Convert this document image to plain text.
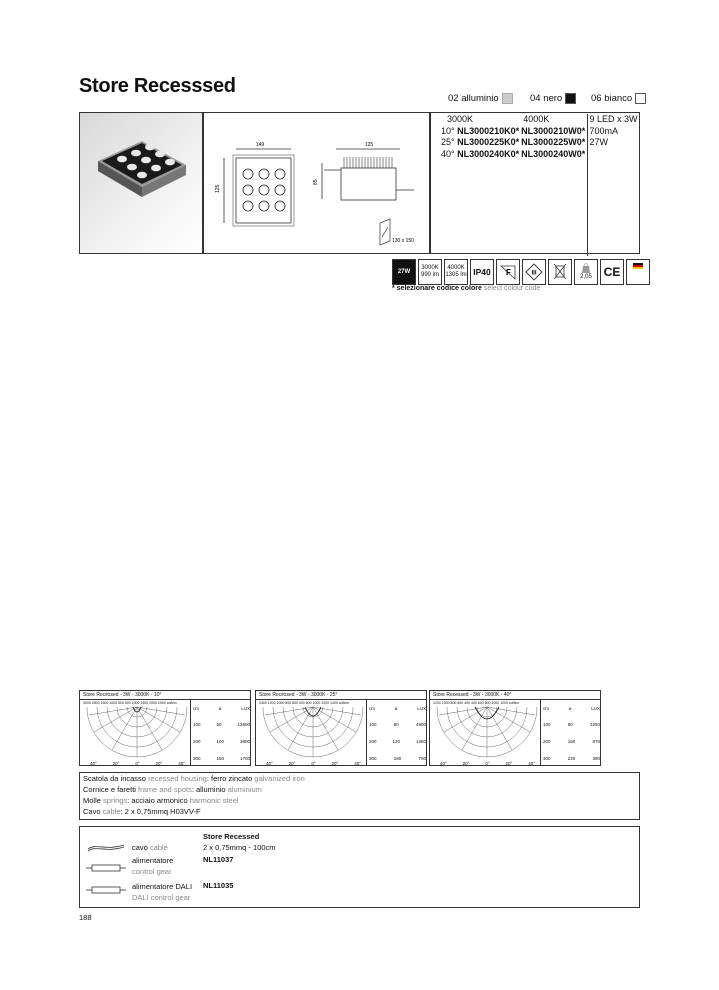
Store Recesssed
02 alluminio	04 nero	06 bianco
149
125
125
85
130 x 150
3000K	4000K	9 LED x 3W
10° NL3000210K0* NL3000210W0* 700mA
25° NL3000225K0* NL3000225W0* 27W
40° NL3000240K0* NL3000240W0*
27W
3000K
990 lm
4000K
1305 lm IP40	F	III
2,05 CE
* selezionare codice colore select colour code
Store Recessed - 3W - 3000K - 10°
3000 2500 1500 1000 500 500 1000 1500 2000 2500 cd/klm
40°	20°	0°	20°	40°
cm	ø	LUX
100	50	12800
200	100	3800
300	150	1700
Store Recessed - 3W - 3000K - 25°
2400 1200 1000 800 600 400 600 1000 1200 1400 cd/klm
40°	20°	0°	20°	40°
cm	ø	LUX
100	80	4900
200	120	1350
300	180	700
Store Recessed - 3W - 3000K - 40°
1200 1000 800 600 400 400 600 800 1000 1200 cd/klm
40°	20°	0°	20°	40°
cm	ø	LUX
100	80	3250
200	150	870
300	220	380
Scatola da incasso recessed housing: ferro zincato galvanized iron
Cornice e faretti frame and spots: alluminio aluminium
Molle springs: acciaio armonico harmonic steel
Cavo cable: 2 x 0,75mmq H03VV-F
Store Recessed
cavo cable	2 x 0,75mmq - 100cm
alimentatore
control gear
NL11037
alimentatore DALI
DALI control gear
NL11035
188
